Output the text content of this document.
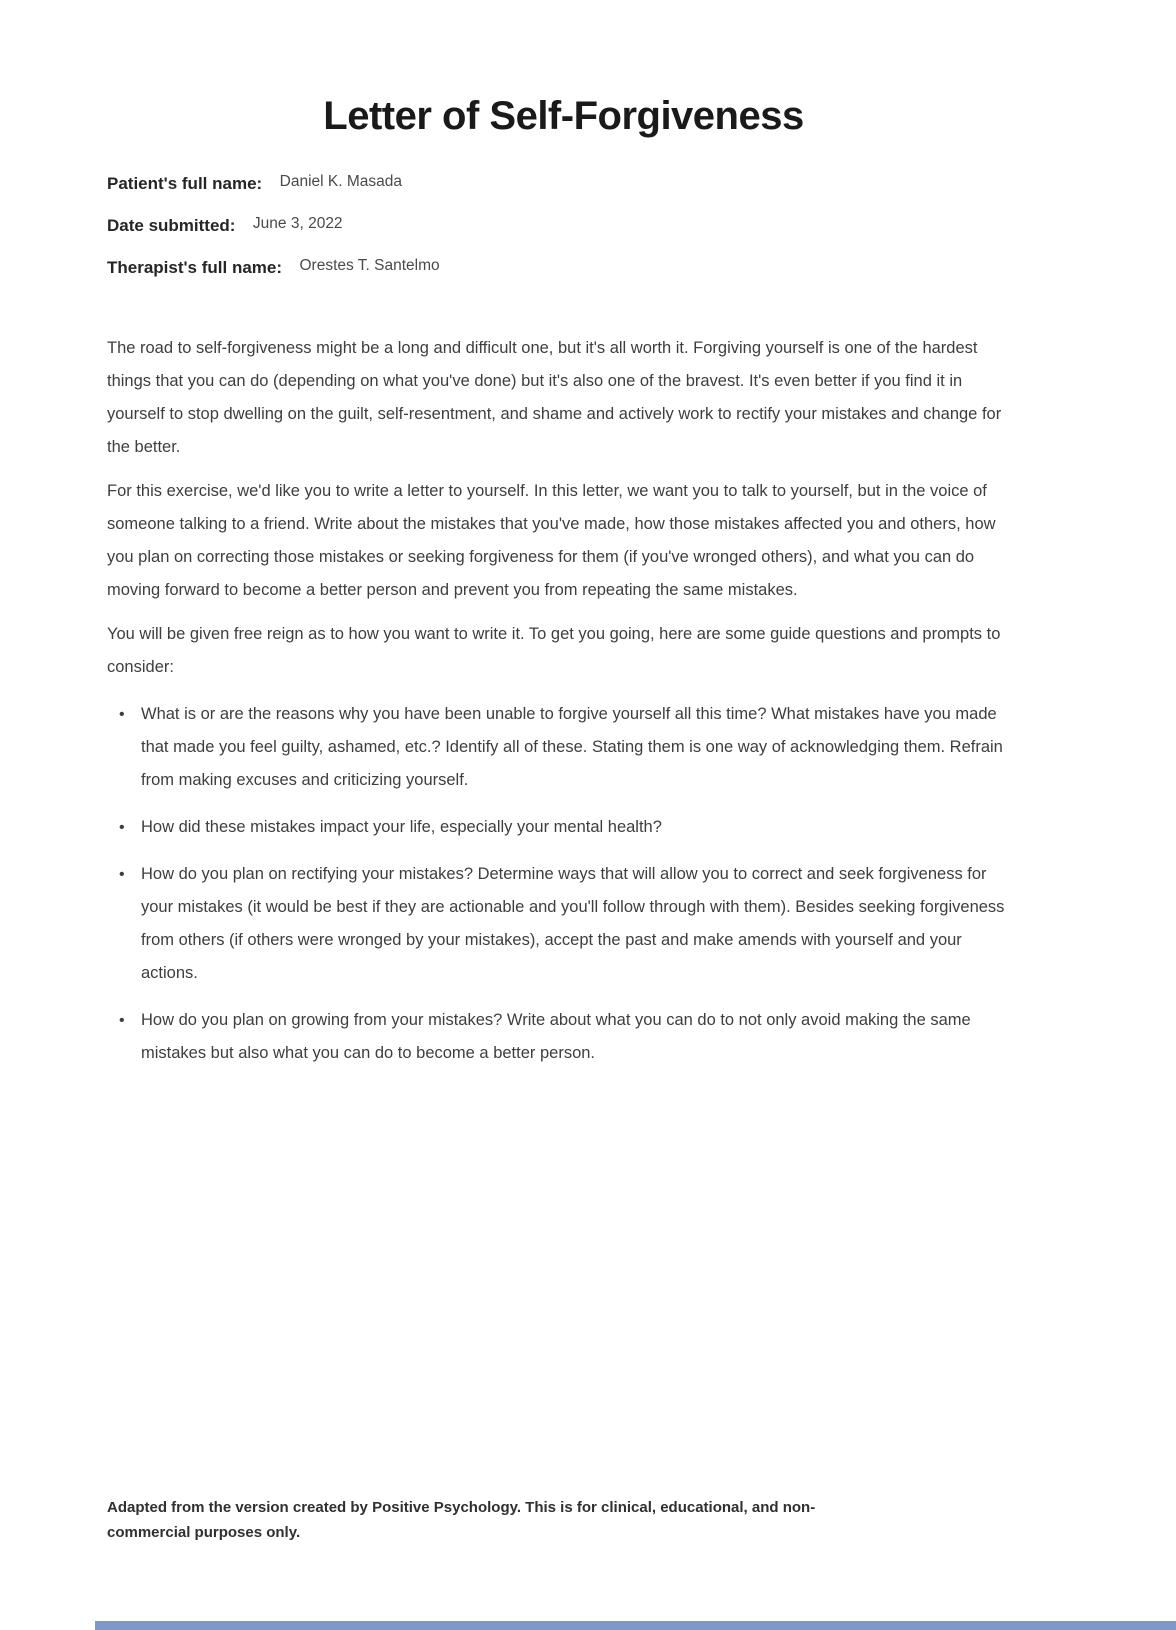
Letter of Self-Forgiveness
Patient's full name: Daniel K. Masada
Date submitted: June 3, 2022
Therapist's full name: Orestes T. Santelmo

The road to self-forgiveness might be a long and difficult one, but it's all worth it. Forgiving yourself is one of the hardest things that you can do (depending on what you've done) but it's also one of the bravest. It's even better if you find it in yourself to stop dwelling on the guilt, self-resentment, and shame and actively work to rectify your mistakes and change for the better.

For this exercise, we'd like you to write a letter to yourself. In this letter, we want you to talk to yourself, but in the voice of someone talking to a friend. Write about the mistakes that you've made, how those mistakes affected you and others, how you plan on correcting those mistakes or seeking forgiveness for them (if you've wronged others), and what you can do moving forward to become a better person and prevent you from repeating the same mistakes.

You will be given free reign as to how you want to write it. To get you going, here are some guide questions and prompts to consider:

• What is or are the reasons why you have been unable to forgive yourself all this time? What mistakes have you made that made you feel guilty, ashamed, etc.? Identify all of these. Stating them is one way of acknowledging them. Refrain from making excuses and criticizing yourself.
• How did these mistakes impact your life, especially your mental health?
• How do you plan on rectifying your mistakes? Determine ways that will allow you to correct and seek forgiveness for your mistakes (it would be best if they are actionable and you'll follow through with them). Besides seeking forgiveness from others (if others were wronged by your mistakes), accept the past and make amends with yourself and your actions.
• How do you plan on growing from your mistakes? Write about what you can do to not only avoid making the same mistakes but also what you can do to become a better person.
Adapted from the version created by Positive Psychology. This is for clinical, educational, and non-
commercial purposes only.
